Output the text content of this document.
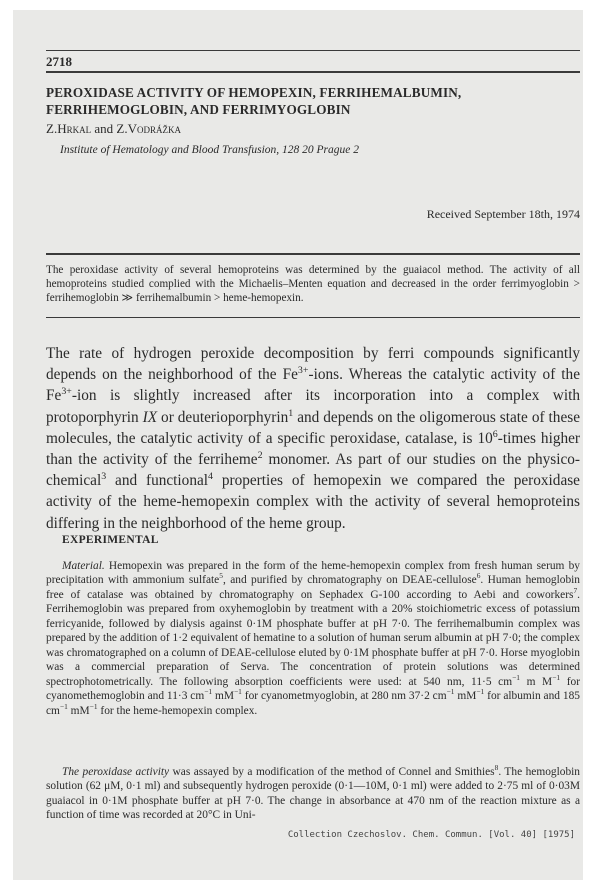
2718
PEROXIDASE ACTIVITY OF HEMOPEXIN, FERRIHEMALBUMIN,
FERRIHEMOGLOBIN, AND FERRIMYOGLOBIN
Z.Hrkal and Z.Vodrážka
Institute of Hematology and Blood Transfusion, 128 20 Prague 2
Received September 18th, 1974
The peroxidase activity of several hemoproteins was determined by the guaiacol method. The activity of all hemoproteins studied complied with the Michaelis–Menten equation and decreased in the order ferrimyoglobin > ferrihemoglobin ≫ ferrihemalbumin > heme-hemopexin.

The rate of hydrogen peroxide decomposition by ferri compounds significantly depends on the neighborhood of the $Fe^{3+}$-ions. Whereas the catalytic activity of the $Fe^{3+}$-ion is slightly increased after its incorporation into a complex with protoporphyrin IX or deuterioporphyrin$^1$ and depends on the oligomerous state of these molecules, the catalytic activity of a specific peroxidase, catalase, is $10^6$-times higher than the activity of the ferriheme$^2$ monomer. As part of our studies on the physico-chemical$^3$ and functional$^4$ properties of hemopexin we compared the peroxidase activity of the heme-hemopexin complex with the activity of several hemoproteins differing in the neighborhood of the heme group.

EXPERIMENTAL

Material. Hemopexin was prepared in the form of the heme-hemopexin complex from fresh human serum by precipitation with ammonium sulfate$^5$, and purified by chromatography on DEAE-cellulose$^6$. Human hemoglobin free of catalase was obtained by chromatography on Sephadex G-100 according to Aebi and coworkers$^7$. Ferrihemoglobin was prepared from oxyhemoglobin by treatment with a 20% stoichiometric excess of potassium ferricyanide, followed by dialysis against 0·1M phosphate buffer at pH 7·0. The ferrihemalbumin complex was prepared by the addition of 1·2 equivalent of hematine to a solution of human serum albumin at pH 7·0; the complex was chromatographed on a column of DEAE-cellulose eluted by 0·1M phosphate buffer at pH 7·0. Horse myoglobin was a commercial preparation of Serva. The concentration of protein solutions was determined spectrophotometrically. The following absorption coefficients were used: at 540 nm, 11·5 $cm^{-1}$ m $M^{-1}$ for cyanomethemoglobin and 11·3 $cm^{-1}$ $mM^{-1}$ for cyanometmyoglobin, at 280 nm 37·2 $cm^{-1}$ $mM^{-1}$ for albumin and 185 $cm^{-1}$ $mM^{-1}$ for the heme-hemopexin complex.

The peroxidase activity was assayed by a modification of the method of Connel and Smithies$^8$. The hemoglobin solution (62 μM, 0·1 ml) and subsequently hydrogen peroxide (0·1—10M, 0·1 ml) were added to 2·75 ml of 0·03M guaiacol in 0·1M phosphate buffer at pH 7·0. The change in absorbance at 470 nm of the reaction mixture as a function of time was recorded at 20°C in Uni-

Collection Czechoslov. Chem. Commun. [Vol. 40] [1975]
